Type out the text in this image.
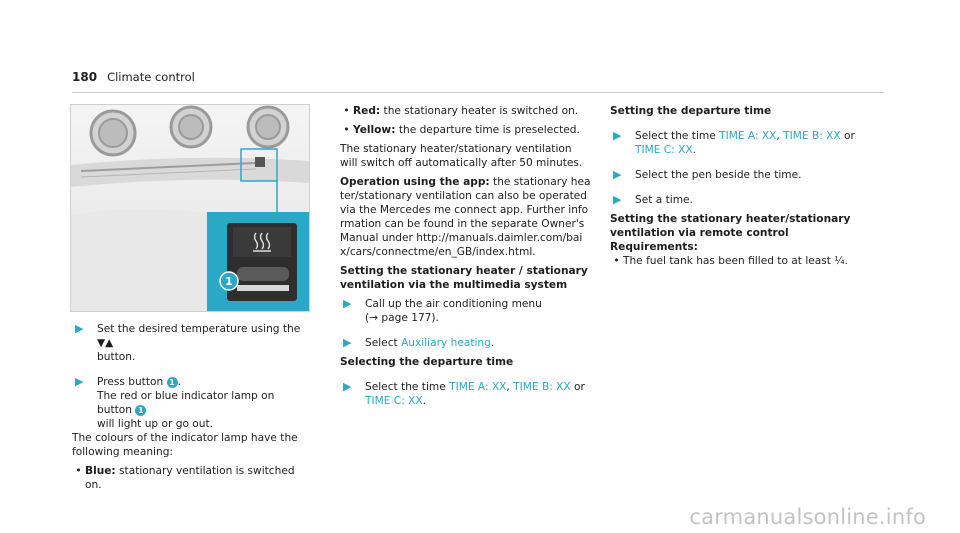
180 Climate control
1
▶	Set the desired temperature using the ▼▲
button.

▶	Press button 1 .
The red or blue indicator lamp on button 1
will light up or go out.

The colours of the indicator lamp have the following meaning:

• Blue: stationary ventilation is switched on.

• Red: the stationary heater is switched on.

• Yellow: the departure time is preselected.

The stationary heater/stationary ventilation will switch off automatically after 50 minutes.

Operation using the app: the stationary heater/stationary ventilation can also be operated via the Mercedes me connect app. Further information can be found in the separate Owner's Manual under http://manuals.daimler.com/baix/cars/connectme/en_GB/index.html.

Setting the stationary heater / stationary ventilation via the multimedia system

▶	Call up the air conditioning menu
(→ page 177).

▶	Select Auxiliary heating.

Selecting the departure time

▶	Select the time TIME A: XX, TIME B: XX or
TIME C: XX.

Setting the departure time

▶	Select the time TIME A: XX, TIME B: XX or
TIME C: XX.

▶	Select the pen beside the time.

▶	Set a time.

Setting the stationary heater/stationary ventilation via remote control

Requirements:

• The fuel tank has been filled to at least ¼.

carmanualsonline.info
